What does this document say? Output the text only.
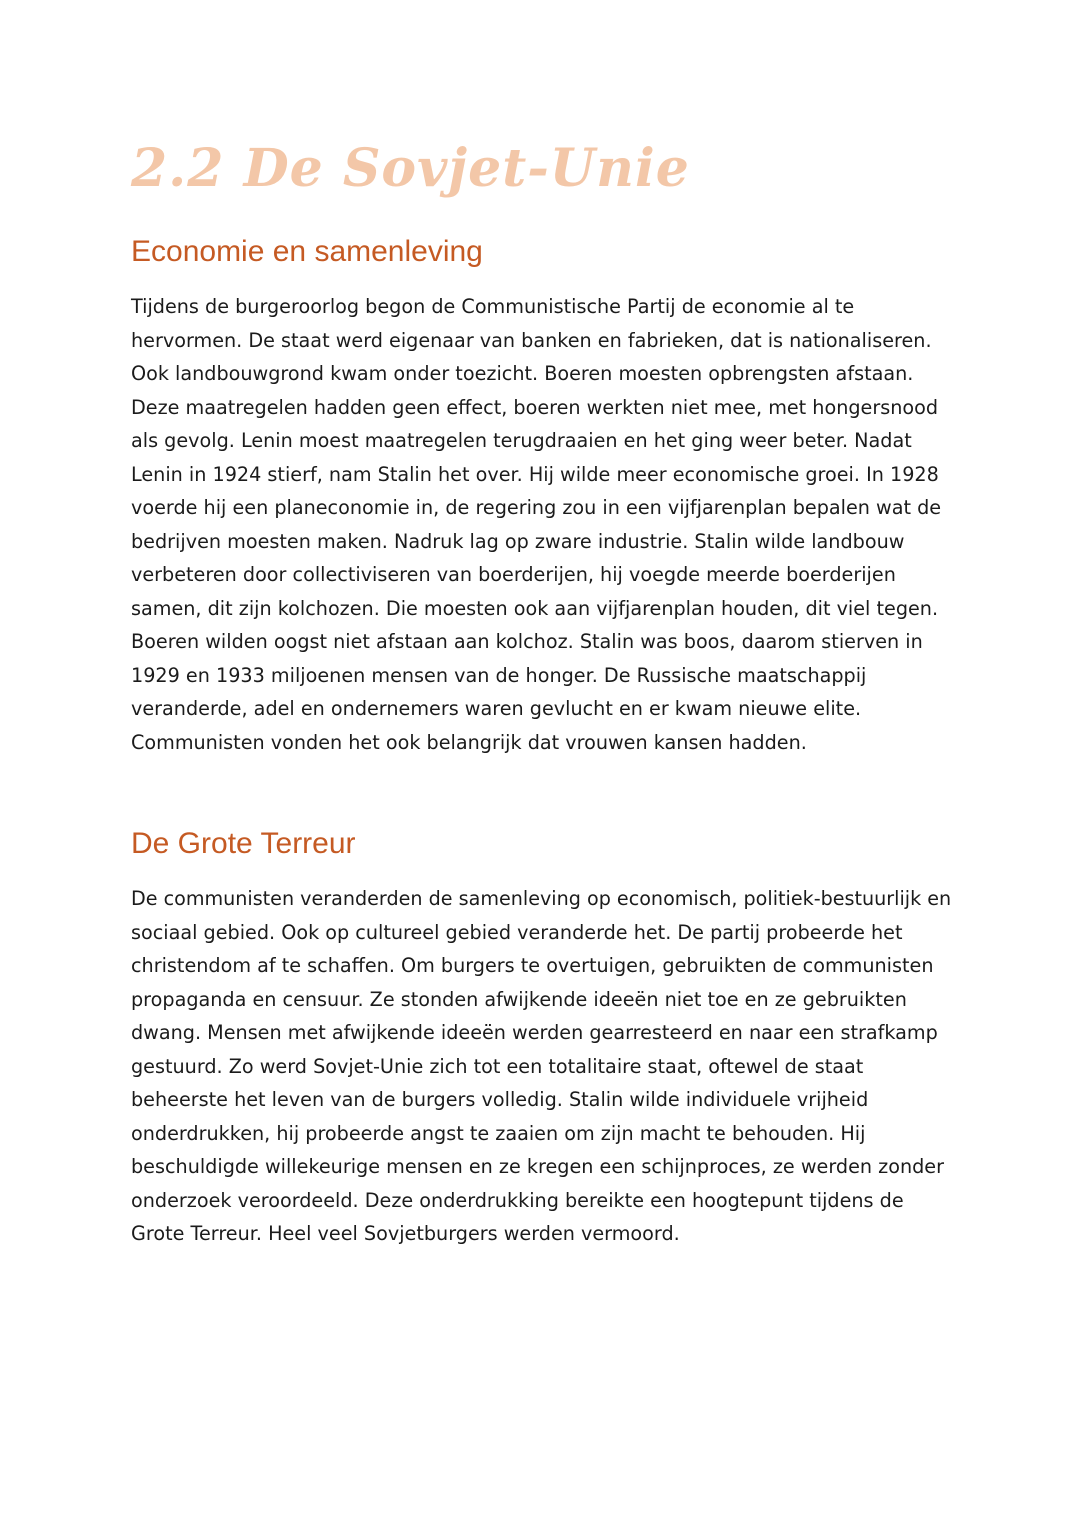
2.2 De Sovjet-Unie
Economie en samenleving
Tijdens de burgeroorlog begon de Communistische Partij de economie al te
hervormen. De staat werd eigenaar van banken en fabrieken, dat is nationaliseren.
Ook landbouwgrond kwam onder toezicht. Boeren moesten opbrengsten afstaan.
Deze maatregelen hadden geen effect, boeren werkten niet mee, met hongersnood
als gevolg. Lenin moest maatregelen terugdraaien en het ging weer beter. Nadat
Lenin in 1924 stierf, nam Stalin het over. Hij wilde meer economische groei. In 1928
voerde hij een planeconomie in, de regering zou in een vijfjarenplan bepalen wat de
bedrijven moesten maken. Nadruk lag op zware industrie. Stalin wilde landbouw
verbeteren door collectiviseren van boerderijen, hij voegde meerde boerderijen
samen, dit zijn kolchozen. Die moesten ook aan vijfjarenplan houden, dit viel tegen.
Boeren wilden oogst niet afstaan aan kolchoz. Stalin was boos, daarom stierven in
1929 en 1933 miljoenen mensen van de honger. De Russische maatschappij
veranderde, adel en ondernemers waren gevlucht en er kwam nieuwe elite.
Communisten vonden het ook belangrijk dat vrouwen kansen hadden.
De Grote Terreur
De communisten veranderden de samenleving op economisch, politiek-bestuurlijk en
sociaal gebied. Ook op cultureel gebied veranderde het. De partij probeerde het
christendom af te schaffen. Om burgers te overtuigen, gebruikten de communisten
propaganda en censuur. Ze stonden afwijkende ideeën niet toe en ze gebruikten
dwang. Mensen met afwijkende ideeën werden gearresteerd en naar een strafkamp
gestuurd. Zo werd Sovjet-Unie zich tot een totalitaire staat, oftewel de staat
beheerste het leven van de burgers volledig. Stalin wilde individuele vrijheid
onderdrukken, hij probeerde angst te zaaien om zijn macht te behouden. Hij
beschuldigde willekeurige mensen en ze kregen een schijnproces, ze werden zonder
onderzoek veroordeeld. Deze onderdrukking bereikte een hoogtepunt tijdens de
Grote Terreur. Heel veel Sovjetburgers werden vermoord.
